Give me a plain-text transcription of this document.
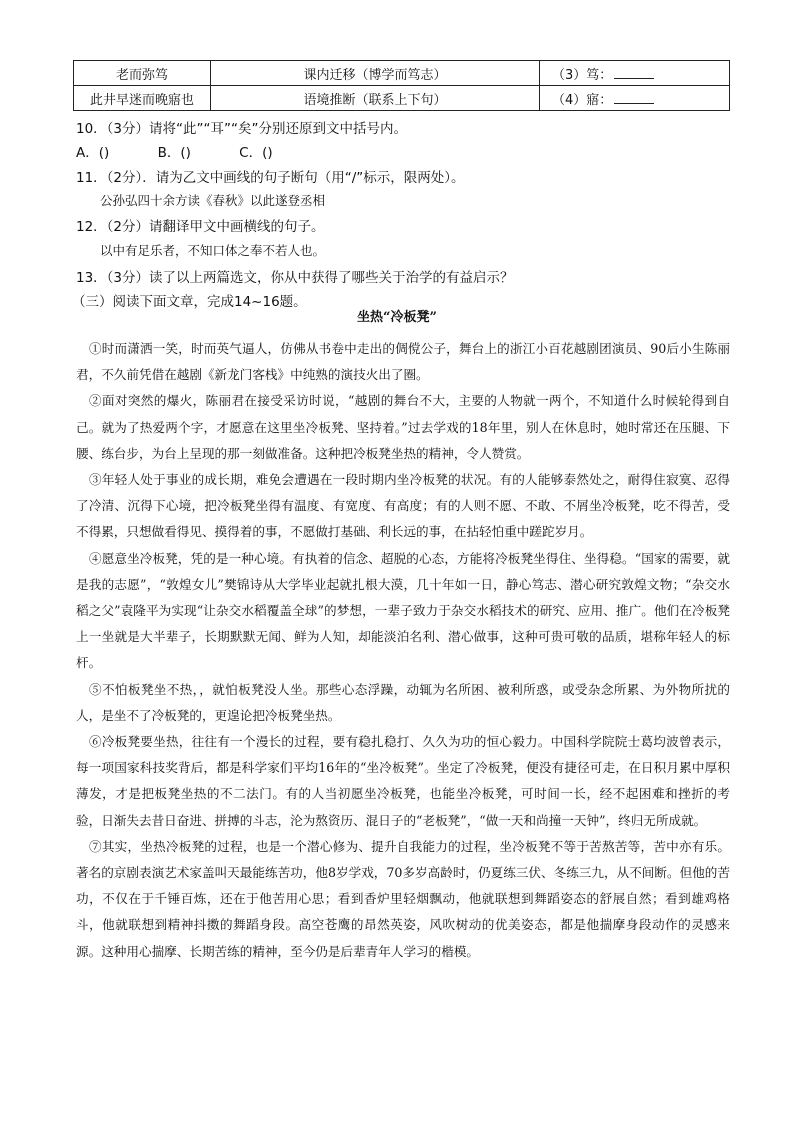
老而弥笃	课内迁移（博学而笃志）	（3）笃：
此井早迷而晚寤也	语境推断（联系上下句）	（4）寤：
10．（3分）请将“此”“耳”“矣”分别还原到文中括号内。
A．()	B．()	C．()
11．（2分）．请为乙文中画线的句子断句（用“/”标示，限两处）。
公孙弘四十余方读《春秋》以此遂登丞相
12．（2分）请翻译甲文中画横线的句子。
以中有足乐者，不知口体之奉不若人也。
13．（3分）读了以上两篇选文，你从中获得了哪些关于治学的有益启示？
（三）阅读下面文章，完成14~16题。
坐热“冷板凳”

①时而潇洒一笑，时而英气逼人，仿佛从书卷中走出的倜傥公子，舞台上的浙江小百花越剧团演员、90后小生陈丽君，不久前凭借在越剧《新龙门客栈》中纯熟的演技火出了圈。

②面对突然的爆火，陈丽君在接受采访时说，“越剧的舞台不大，主要的人物就一两个，不知道什么时候轮得到自己。就为了热爱两个字，才愿意在这里坐冷板凳、坚持着。”过去学戏的18年里，别人在休息时，她时常还在压腿、下腰、练台步，为台上呈现的那一刻做准备。这种把冷板凳坐热的精神，令人赞赏。

③年轻人处于事业的成长期，难免会遭遇在一段时期内坐冷板凳的状况。有的人能够泰然处之，耐得住寂寞、忍得了冷清、沉得下心境，把冷板凳坐得有温度、有宽度、有高度；有的人则不愿、不敢、不屑坐冷板凳，吃不得苦，受不得累，只想做看得见、摸得着的事，不愿做打基础、利长远的事，在拈轻怕重中蹉跎岁月。

④愿意坐冷板凳，凭的是一种心境。有执着的信念、超脱的心态，方能将冷板凳坐得住、坐得稳。“国家的需要，就是我的志愿”，“敦煌女儿”樊锦诗从大学毕业起就扎根大漠，几十年如一日，静心笃志、潜心研究敦煌文物；“杂交水稻之父”袁隆平为实现“让杂交水稻覆盖全球”的梦想，一辈子致力于杂交水稻技术的研究、应用、推广。他们在冷板凳上一坐就是大半辈子，长期默默无闻、鲜为人知，却能淡泊名利、潜心做事，这种可贵可敬的品质，堪称年轻人的标杆。

⑤不怕板凳坐不热，，就怕板凳没人坐。那些心态浮躁，动辄为名所困、被利所惑，或受杂念所累、为外物所扰的人，是坐不了冷板凳的，更遑论把冷板凳坐热。

⑥冷板凳要坐热，往往有一个漫长的过程，要有稳扎稳打、久久为功的恒心毅力。中国科学院院士葛均波曾表示，每一项国家科技奖背后，都是科学家们平均16年的“坐冷板凳”。坐定了冷板凳，便没有捷径可走，在日积月累中厚积薄发，才是把板凳坐热的不二法门。有的人当初愿坐冷板凳，也能坐冷板凳，可时间一长，经不起困难和挫折的考验，日渐失去昔日奋进、拼搏的斗志，沦为熬资历、混日子的“老板凳”，“做一天和尚撞一天钟”，终归无所成就。

⑦其实，坐热冷板凳的过程，也是一个潜心修为、提升自我能力的过程，坐冷板凳不等于苦熬苦等，苦中亦有乐。著名的京剧表演艺术家盖叫天最能练苦功，他8岁学戏，70多岁高龄时，仍夏练三伏、冬练三九，从不间断。但他的苦功，不仅在于千锤百炼，还在于他苦用心思；看到香炉里轻烟飘动，他就联想到舞蹈姿态的舒展自然；看到雄鸡格斗，他就联想到精神抖擞的舞蹈身段。高空苍鹰的昂然英姿，风吹树动的优美姿态，都是他揣摩身段动作的灵感来源。这种用心揣摩、长期苦练的精神，至今仍是后辈青年人学习的楷模。
